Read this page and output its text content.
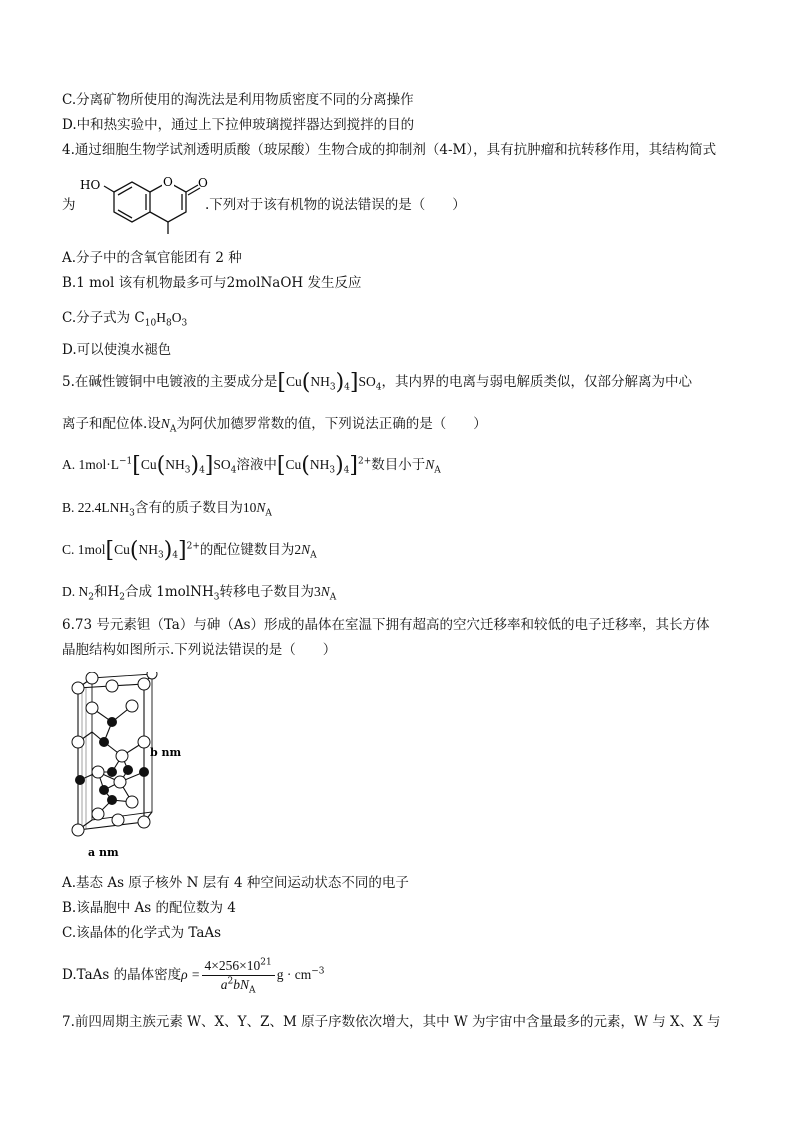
C.分离矿物所使用的淘洗法是利用物质密度不同的分离操作
D.中和热实验中，通过上下拉伸玻璃搅拌器达到搅拌的目的
4.通过细胞生物学试剂透明质酸（玻尿酸）生物合成的抑制剂（4-M），具有抗肿瘤和抗转移作用，其结构简式
为
HO	O O
.下列对于该有机物的说法错误的是（　　）
A.分子中的含氧官能团有 2 种
B.1 mol 该有机物最多可与2molNaOH 发生反应
C.分子式为 $C_{10}H_8O_3$
D.可以使溴水褪色
5.在碱性镀铜中电镀液的主要成分是$[Cu(NH_3)_4]SO_4$，其内界的电离与弱电解质类似，仅部分解离为中心
离子和配位体.设$N_A$为阿伏加德罗常数的值，下列说法正确的是（　　）
A. $1mol\cdot L^{-1}[Cu(NH_3)_4]SO_4$溶液中$[Cu(NH_3)_4]^{2+}$数目小于$N_A$
B. $22.4LNH_3$含有的质子数目为$10N_A$
C. $1mol[Cu(NH_3)_4]^{2+}$的配位键数目为$2N_A$
D. $N_2$和$H_2$合成 1molNH$_3$转移电子数目为$3N_A$
6.73 号元素钽（Ta）与砷（As）形成的晶体在室温下拥有超高的空穴迁移率和较低的电子迁移率，其长方体
晶胞结构如图所示.下列说法错误的是（　　）
b nm
a nm
A.基态 As 原子核外 N 层有 4 种空间运动状态不同的电子
B.该晶胞中 As 的配位数为 4
C.该晶体的化学式为 TaAs
D.TaAs 的晶体密度$\rho = \frac{4\times 256\times 10^{21}}{a^2bN_A}$ $g \cdot cm^{-3}$
7.前四周期主族元素 W、X、Y、Z、M 原子序数依次增大，其中 W 为宇宙中含量最多的元素，W 与 X、X 与
